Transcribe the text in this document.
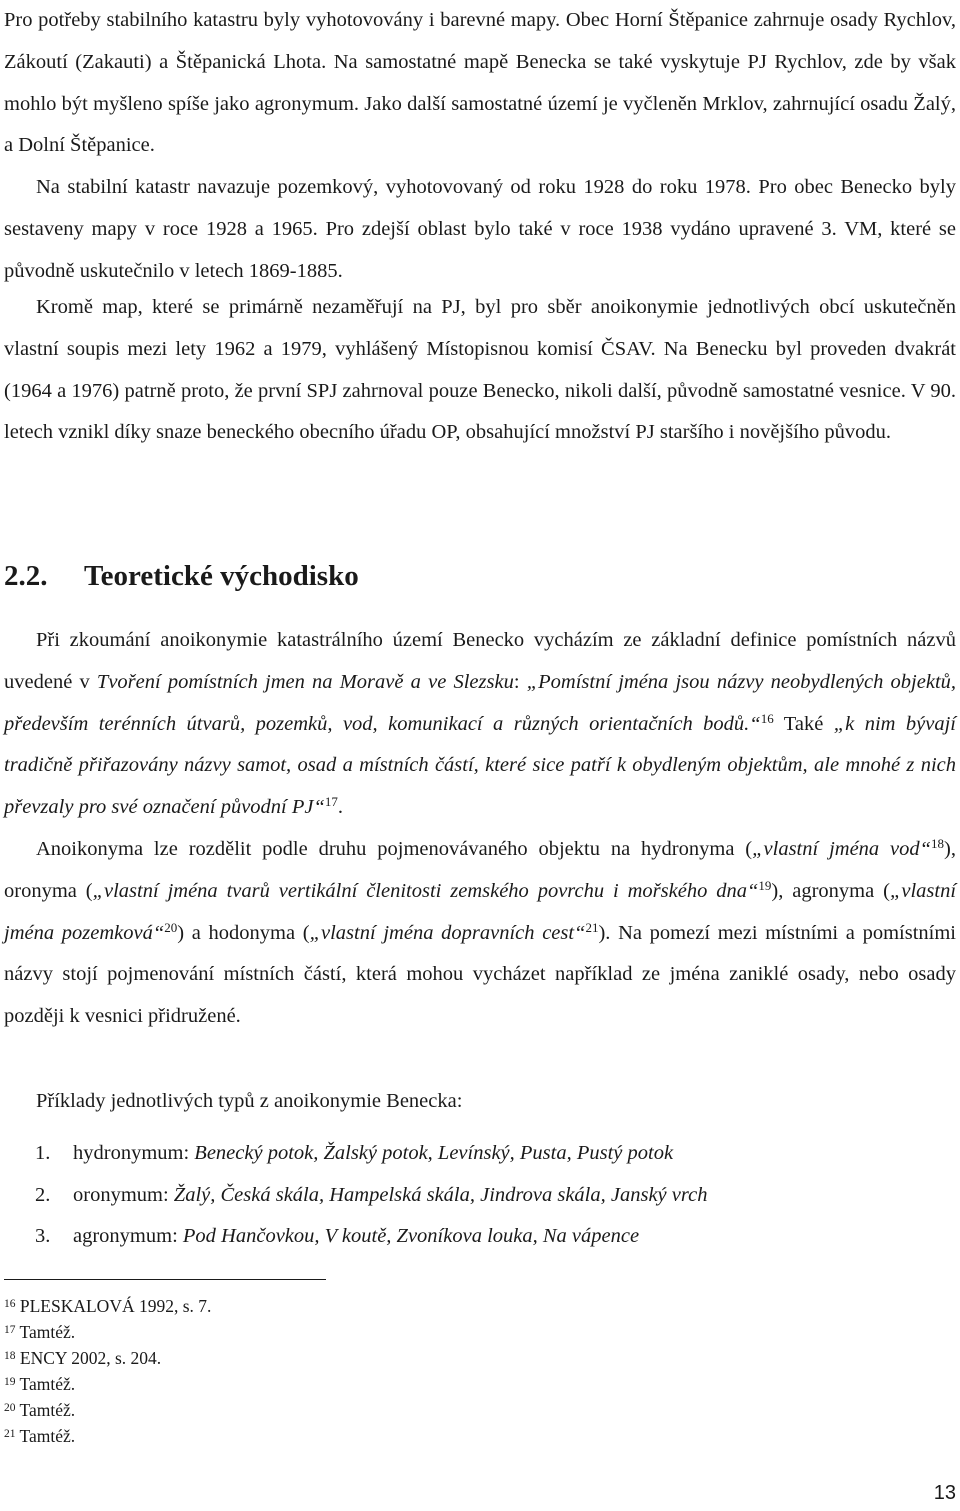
Pro potřeby stabilního katastru byly vyhotovovány i barevné mapy. Obec Horní Štěpanice zahrnuje osady Rychlov, Zákoutí (Zakauti) a Štěpanická Lhota. Na samostatné mapě Benecka se také vyskytuje PJ Rychlov, zde by však mohlo být myšleno spíše jako agronymum. Jako další samostatné území je vyčleněn Mrklov, zahrnující osadu Žalý, a Dolní Štěpanice.

Na stabilní katastr navazuje pozemkový, vyhotovovaný od roku 1928 do roku 1978. Pro obec Benecko byly sestaveny mapy v roce 1928 a 1965. Pro zdejší oblast bylo také v roce 1938 vydáno upravené 3. VM, které se původně uskutečnilo v letech 1869-1885.

Kromě map, které se primárně nezaměřují na PJ, byl pro sběr anoikonymie jednotlivých obcí uskutečněn vlastní soupis mezi lety 1962 a 1979, vyhlášený Místopisnou komisí ČSAV. Na Benecku byl proveden dvakrát (1964 a 1976) patrně proto, že první SPJ zahrnoval pouze Benecko, nikoli další, původně samostatné vesnice. V 90. letech vznikl díky snaze beneckého obecního úřadu OP, obsahující množství PJ staršího i novějšího původu.

2.2. Teoretické východisko

Při zkoumání anoikonymie katastrálního území Benecko vycházím ze základní definice pomístních názvů uvedené v Tvoření pomístních jmen na Moravě a ve Slezsku: „Pomístní jména jsou názvy neobydlených objektů, především terénních útvarů, pozemků, vod, komunikací a různých orientačních bodů.“$^{16}$ Také „k nim bývají tradičně přiřazovány názvy samot, osad a místních částí, které sice patří k obydleným objektům, ale mnohé z nich převzaly pro své označení původní PJ“$^{17}$.

Anoikonyma lze rozdělit podle druhu pojmenovávaného objektu na hydronyma („vlastní jména vod“$^{18}$), oronyma („vlastní jména tvarů vertikální členitosti zemského povrchu i mořského dna“$^{19}$), agronyma („vlastní jména pozemková“$^{20}$) a hodonyma („vlastní jména dopravních cest“$^{21}$). Na pomezí mezi místními a pomístními názvy stojí pojmenování místních částí, která mohou vycházet například ze jména zaniklé osady, nebo osady později k vesnici přidružené.

Příklady jednotlivých typů z anoikonymie Benecka:

1. hydronymum: Benecký potok, Žalský potok, Levínský, Pusta, Pustý potok
2. oronymum: Žalý, Česká skála, Hampelská skála, Jindrova skála, Janský vrch
3. agronymum: Pod Hančovkou, V koutě, Zvoníkova louka, Na vápence
$^{16}$ PLESKALOVÁ 1992, s. 7.
$^{17}$ Tamtéž.
$^{18}$ ENCY 2002, s. 204.
$^{19}$ Tamtéž.
$^{20}$ Tamtéž.
$^{21}$ Tamtéž.
13
